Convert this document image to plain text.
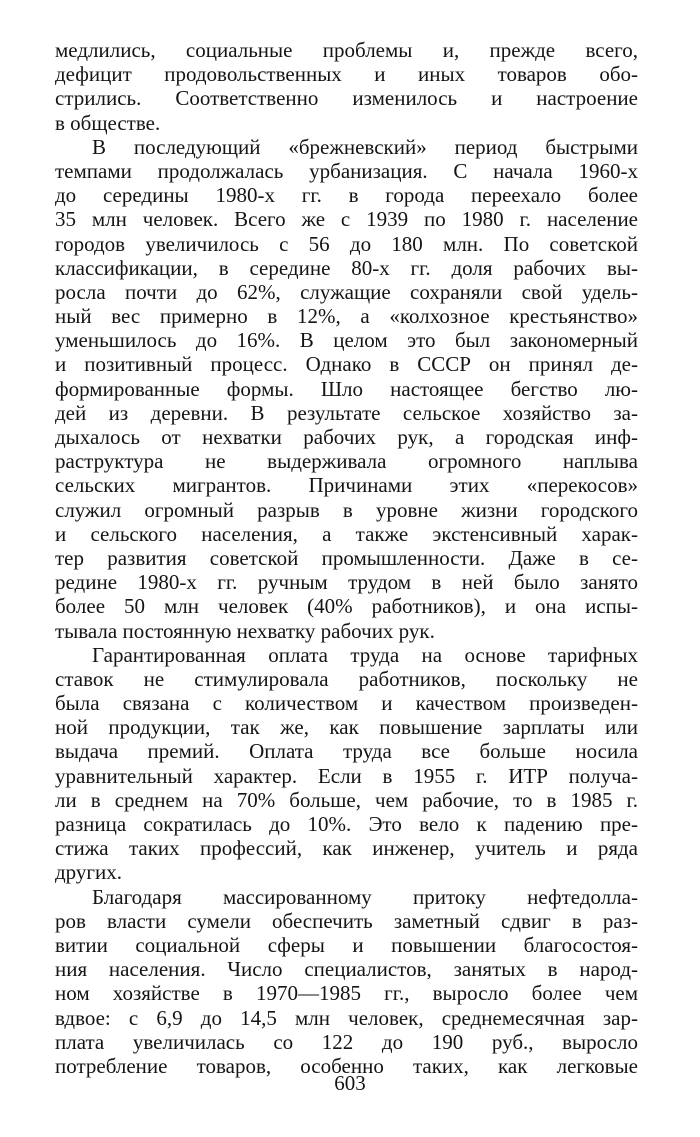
медлились, социальные проблемы и, прежде всего,
дефицит продовольственных и иных товаров обо-
стрились. Соответственно изменилось и настроение
в обществе.
В последующий «брежневский» период быстрыми
темпами продолжалась урбанизация. С начала 1960-х
до середины 1980-х гг. в города переехало более
35 млн человек. Всего же с 1939 по 1980 г. население
городов увеличилось с 56 до 180 млн. По советской
классификации, в середине 80-х гг. доля рабочих вы-
росла почти до 62%, служащие сохраняли свой удель-
ный вес примерно в 12%, а «колхозное крестьянство»
уменьшилось до 16%. В целом это был закономерный
и позитивный процесс. Однако в СССР он принял де-
формированные формы. Шло настоящее бегство лю-
дей из деревни. В результате сельское хозяйство за-
дыхалось от нехватки рабочих рук, а городская инф-
раструктура не выдерживала огромного наплыва
сельских мигрантов. Причинами этих «перекосов»
служил огромный разрыв в уровне жизни городского
и сельского населения, а также экстенсивный харак-
тер развития советской промышленности. Даже в се-
редине 1980-х гг. ручным трудом в ней было занято
более 50 млн человек (40% работников), и она испы-
тывала постоянную нехватку рабочих рук.
Гарантированная оплата труда на основе тарифных
ставок не стимулировала работников, поскольку не
была связана с количеством и качеством произведен-
ной продукции, так же, как повышение зарплаты или
выдача премий. Оплата труда все больше носила
уравнительный характер. Если в 1955 г. ИТР получа-
ли в среднем на 70% больше, чем рабочие, то в 1985 г.
разница сократилась до 10%. Это вело к падению пре-
стижа таких профессий, как инженер, учитель и ряда
других.
Благодаря массированному притоку нефтедолла-
ров власти сумели обеспечить заметный сдвиг в раз-
витии социальной сферы и повышении благосостоя-
ния населения. Число специалистов, занятых в народ-
ном хозяйстве в 1970—1985 гг., выросло более чем
вдвое: с 6,9 до 14,5 млн человек, среднемесячная зар-
плата увеличилась со 122 до 190 руб., выросло
потребление товаров, особенно таких, как легковые
603
